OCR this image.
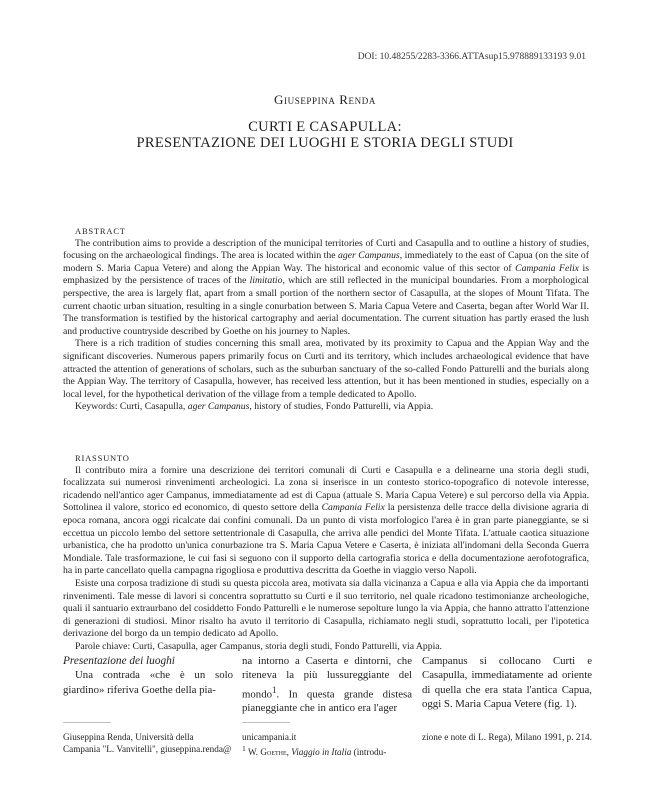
DOI: 10.48255/2283-3366.ATTAsup15.978889133193 9.01
Giuseppina Renda
CURTI E CASAPULLA:
PRESENTAZIONE DEI LUOGHI E STORIA DEGLI STUDI
ABSTRACT

The contribution aims to provide a description of the municipal territories of Curti and Casapulla and to outline a history of studies, focusing on the archaeological findings. The area is located within the ager Campanus, immediately to the east of Capua (on the site of modern S. Maria Capua Vetere) and along the Appian Way. The historical and economic value of this sector of Campania Felix is emphasized by the persistence of traces of the limitatio, which are still reflected in the municipal boundaries. From a morphological perspective, the area is largely flat, apart from a small portion of the northern sector of Casapulla, at the slopes of Mount Tifata. The current chaotic urban situation, resulting in a single conurbation between S. Maria Capua Vetere and Caserta, began after World War II. The transformation is testified by the historical cartography and aerial documentation. The current situation has partly erased the lush and productive countryside described by Goethe on his journey to Naples.

There is a rich tradition of studies concerning this small area, motivated by its proximity to Capua and the Appian Way and the significant discoveries. Numerous papers primarily focus on Curti and its territory, which includes archaeological evidence that have attracted the attention of generations of scholars, such as the suburban sanctuary of the so-called Fondo Patturelli and the burials along the Appian Way. The territory of Casapulla, however, has received less attention, but it has been mentioned in studies, especially on a local level, for the hypothetical derivation of the village from a temple dedicated to Apollo.

Keywords: Curti, Casapulla, ager Campanus, history of studies, Fondo Patturelli, via Appia.

RIASSUNTO

Il contributo mira a fornire una descrizione dei territori comunali di Curti e Casapulla e a delinearne una storia degli studi, focalizzata sui numerosi rinvenimenti archeologici. La zona si inserisce in un contesto storico-topografico di notevole interesse, ricadendo nell'antico ager Campanus, immediatamente ad est di Capua (attuale S. Maria Capua Vetere) e sul percorso della via Appia. Sottolinea il valore, storico ed economico, di questo settore della Campania Felix la persistenza delle tracce della divisione agraria di epoca romana, ancora oggi ricalcate dai confini comunali. Da un punto di vista morfologico l'area è in gran parte pianeggiante, se si eccettua un piccolo lembo del settore settentrionale di Casapulla, che arriva alle pendici del Monte Tifata. L'attuale caotica situazione urbanistica, che ha prodotto un'unica conurbazione tra S. Maria Capua Vetere e Caserta, è iniziata all'indomani della Seconda Guerra Mondiale. Tale trasformazione, le cui fasi si seguono con il supporto della cartografia storica e della documentazione aerofotografica, ha in parte cancellato quella campagna rigogliosa e produttiva descritta da Goethe in viaggio verso Napoli.

Esiste una corposa tradizione di studi su questa piccola area, motivata sia dalla vicinanza a Capua e alla via Appia che da importanti rinvenimenti. Tale messe di lavori si concentra soprattutto su Curti e il suo territorio, nel quale ricadono testimonianze archeologiche, quali il santuario extraurbano del cosiddetto Fondo Patturelli e le numerose sepolture lungo la via Appia, che hanno attratto l'attenzione di generazioni di studiosi. Minor risalto ha avuto il territorio di Casapulla, richiamato negli studi, soprattutto locali, per l'ipotetica derivazione del borgo da un tempio dedicato ad Apollo.

Parole chiave: Curti, Casapulla, ager Campanus, storia degli studi, Fondo Patturelli, via Appia.

Presentazione dei luoghi

Una contrada «che è un solo giardino» riferiva Goethe della pia-

na intorno a Caserta e dintorni, che riteneva la più lussureggiante del mondo$^1$. In questa grande distesa pianeggiante che in antico era l'ager

Campanus si collocano Curti e Casapulla, immediatamente ad oriente di quella che era stata l'antica Capua, oggi S. Maria Capua Vetere (fig. 1).

Giuseppina Renda, Università della Campania "L. Vanvitelli", giuseppina.renda@
unicampania.it
$^1$ W. Goethe, Viaggio in Italia (introdu-
zione e note di L. Rega), Milano 1991, p. 214.
